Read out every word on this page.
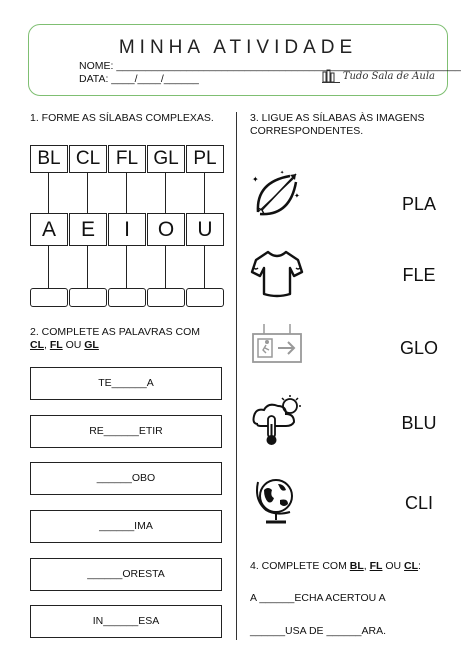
MINHA ATIVIDADE
NOME: ___________________________________________________________
DATA: ____/____/______	Tudo Sala de Aula
1. FORME AS SÍLABAS COMPLEXAS.
BL CL FL GL PL
A	E	I	O	U
2. COMPLETE AS PALAVRAS COM
CL, FL OU GL
TE______A
RE______ETIR
______OBO
______IMA
______ORESTA
IN______ESA
3. LIGUE AS SÍLABAS ÀS IMAGENS CORRESPONDENTES.
✦
✦
✦
PLA
FLE
GLO
BLU
CLI
4. COMPLETE COM BL, FL OU CL:
A ______ECHA ACERTOU A
______USA DE ______ARA.
